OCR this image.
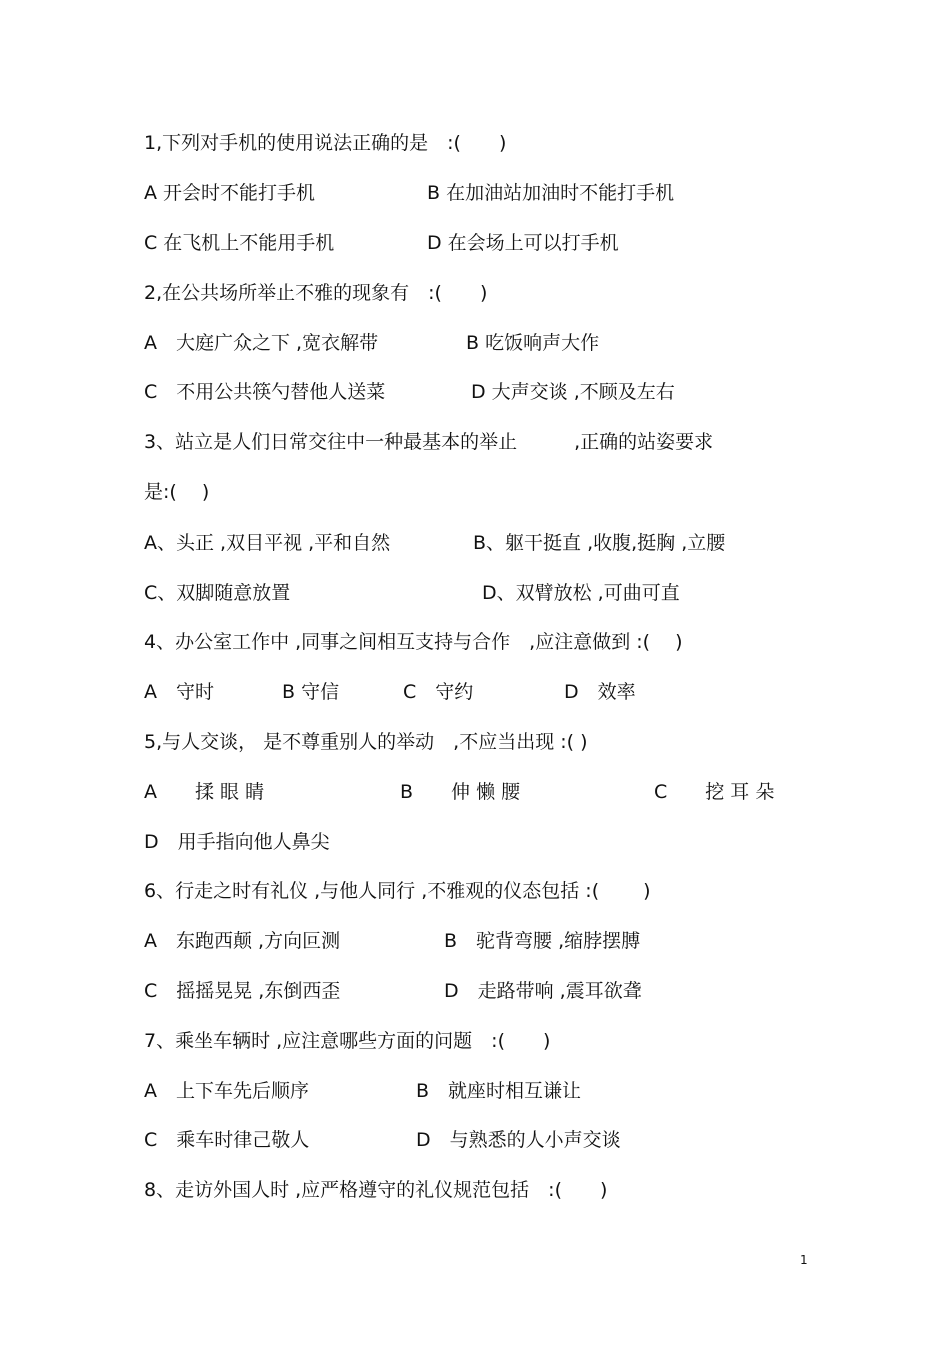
1,下列对手机的使用说法正确的是　:(　　)
A 开会时不能打手机	B 在加油站加油时不能打手机
C 在飞机上不能用手机	D 在会场上可以打手机
2,在公共场所举止不雅的现象有　:(　　)
A　大庭广众之下 ,宽衣解带	B 吃饭响声大作
C　不用公共筷勺替他人送菜	D 大声交谈 ,不顾及左右
3、站立是人们日常交往中一种最基本的举止　　　,正确的站姿要求
是:(　 )
A、头正 ,双目平视 ,平和自然	B、躯干挺直 ,收腹,挺胸 ,立腰
C、双脚随意放置	D、双臂放松 ,可曲可直
4、办公室工作中 ,同事之间相互支持与合作　,应注意做到 :(　 )
A　守时	B 守信	C　守约	D　效率
5,与人交谈， 是不尊重别人的举动　,不应当出现 :( )
A　　揉 眼 睛	B　　伸 懒 腰	C　　挖 耳 朵
D　用手指向他人鼻尖
6、行走之时有礼仪 ,与他人同行 ,不雅观的仪态包括 :(　　 )
A　东跑西颠 ,方向叵测	B　驼背弯腰 ,缩脖摆膊
C　摇摇晃晃 ,东倒西歪	D　走路带响 ,震耳欲聋
7、乘坐车辆时 ,应注意哪些方面的问题　:(　　)
A　上下车先后顺序	B　就座时相互谦让
C　乘车时律己敬人	D　与熟悉的人小声交谈
8、走访外国人时 ,应严格遵守的礼仪规范包括　:(　　)
1
